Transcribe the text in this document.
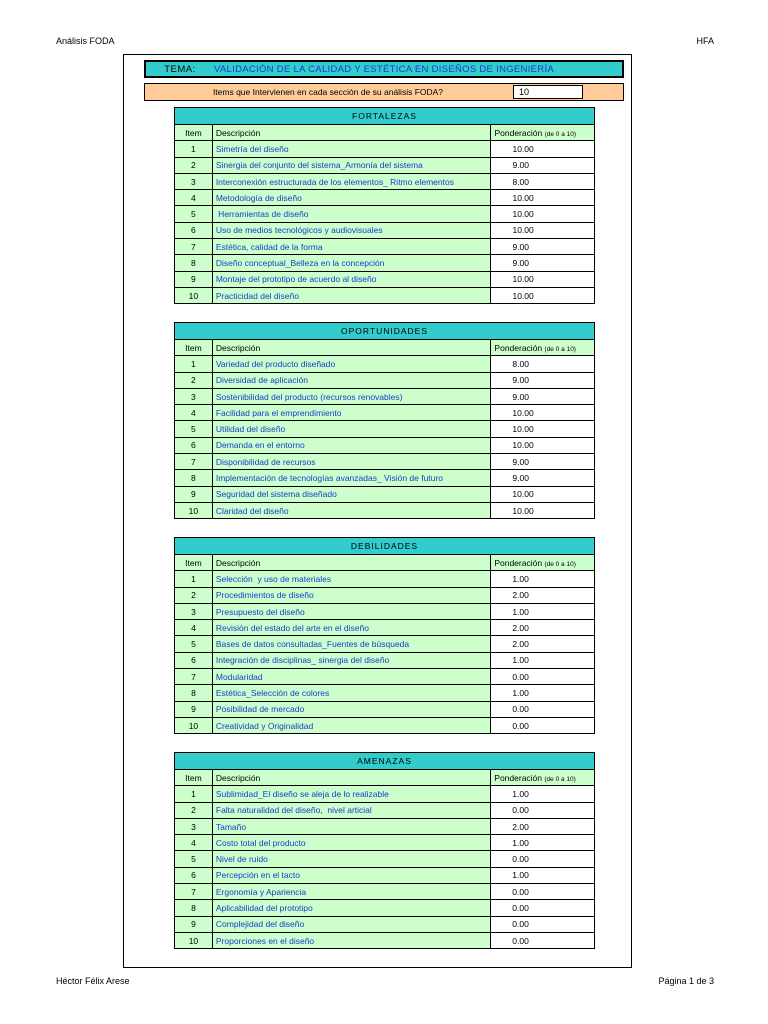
Análisis FODA	HFA
TEMA:	VALIDACIÓN DE LA CALIDAD Y ESTÉTICA EN DISEÑOS DE INGENIERÍA
Items que Intervienen en cada sección de su análisis FODA?	10
FORTALEZAS		
Item	Descripción	Ponderación (de 0 a 10)
1	Simetría del diseño	10.00
2	Sinergia del conjunto del sistema_Armonía del sistema	9.00
3	Interconexión estructurada de los elementos_ Ritmo elementos	8.00
4	Metodología de diseño	10.00
5	Herramientas de diseño	10.00
6	Uso de medios tecnológicos y audiovisuales	10.00
7	Estética, calidad de la forma	9.00
8	Diseño conceptual_Belleza en la concepción	9.00
9	Montaje del prototipo de acuerdo al diseño	10.00
10	Practicidad del diseño	10.00
OPORTUNIDADES		
Item	Descripción	Ponderación (de 0 a 10)
1	Variedad del producto diseñado	8.00
2	Diversidad de aplicación	9.00
3	Sostenibilidad del producto (recursos renovables)	9.00
4	Facilidad para el emprendimiento	10.00
5	Utilidad del diseño	10.00
6	Demanda en el entorno	10.00
7	Disponibilidad de recursos	9.00
8	Implementación de tecnologías avanzadas_ Visión de futuro	9.00
9	Seguridad del sistema diseñado	10.00
10	Claridad del diseño	10.00
DEBILIDADES		
Item	Descripción	Ponderación (de 0 a 10)
1	Selección  y uso de materiales	1.00
2	Procedimientos de diseño	2.00
3	Presupuesto del diseño	1.00
4	Revisión del estado del arte en el diseño	2.00
5	Bases de datos consultadas_Fuentes de búsqueda	2.00
6	Integración de disciplinas_ sinergia del diseño	1.00
7	Modularidad	0.00
8	Estética_Selección de colores	1.00
9	Posibilidad de mercado	0.00
10	Creatividad y Originalidad	0.00
AMENAZAS		
Item	Descripción	Ponderación (de 0 a 10)
1	Sublimidad_El diseño se aleja de lo realizable	1.00
2	Falta naturalidad del diseño,  nivel articial	0.00
3	Tamaño	2.00
4	Costo total del producto	1.00
5	Nivel de ruido	0.00
6	Percepción en el tacto	1.00
7	Ergonomía y Apariencia	0.00
8	Aplicabilidad del prototipo	0.00
9	Complejidad del diseño	0.00
10	Proporciones en el diseño	0.00
Héctor Félix Arese	Página 1 de 3
